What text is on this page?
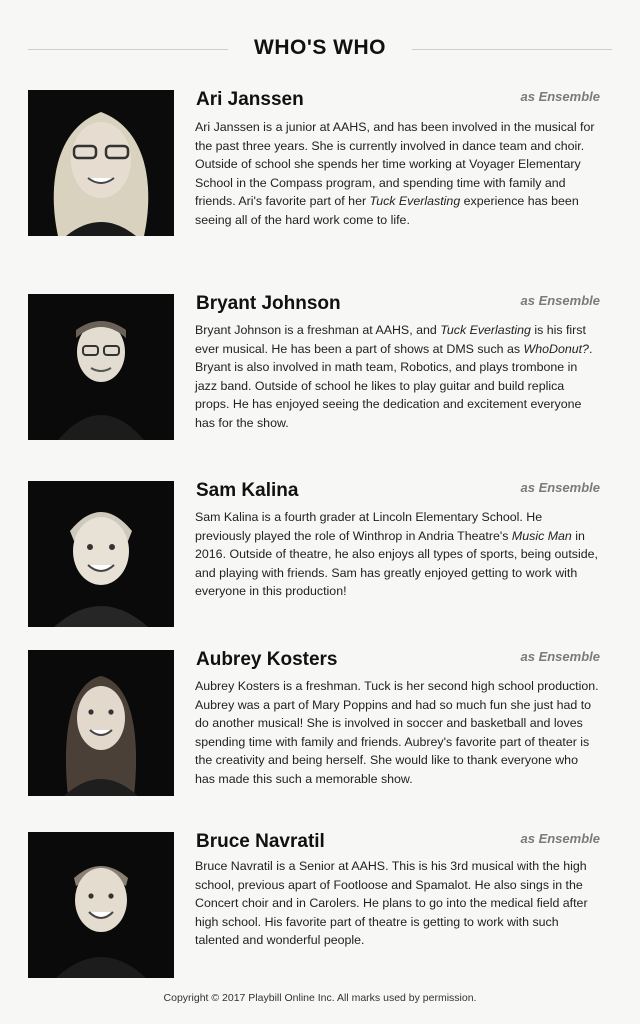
WHO'S WHO
Ari Janssen	as Ensemble
Ari Janssen is a junior at AAHS, and has been involved in the musical for the past three years. She is currently involved in dance team and choir. Outside of school she spends her time working at Voyager Elementary School in the Compass program, and spending time with family and friends. Ari's favorite part of her Tuck Everlasting experience has been seeing all of the hard work come to life.
Bryant Johnson	as Ensemble
Bryant Johnson is a freshman at AAHS, and Tuck Everlasting is his first ever musical. He has been a part of shows at DMS such as WhoDonut?. Bryant is also involved in math team, Robotics, and plays trombone in jazz band. Outside of school he likes to play guitar and build replica props. He has enjoyed seeing the dedication and excitement everyone has for the show.
Sam Kalina	as Ensemble
Sam Kalina is a fourth grader at Lincoln Elementary School. He previously played the role of Winthrop in Andria Theatre's Music Man in 2016. Outside of theatre, he also enjoys all types of sports, being outside, and playing with friends. Sam has greatly enjoyed getting to work with everyone in this production!
Aubrey Kosters	as Ensemble
Aubrey Kosters is a freshman. Tuck is her second high school production. Aubrey was a part of Mary Poppins and had so much fun she just had to do another musical! She is involved in soccer and basketball and loves spending time with family and friends. Aubrey's favorite part of theater is the creativity and being herself. She would like to thank everyone who has made this such a memorable show.
Bruce Navratil	as Ensemble
Bruce Navratil is a Senior at AAHS. This is his 3rd musical with the high school, previous apart of Footloose and Spamalot. He also sings in the Concert choir and in Carolers. He plans to go into the medical field after high school. His favorite part of theatre is getting to work with such talented and wonderful people.
Copyright © 2017 Playbill Online Inc. All marks used by permission.
